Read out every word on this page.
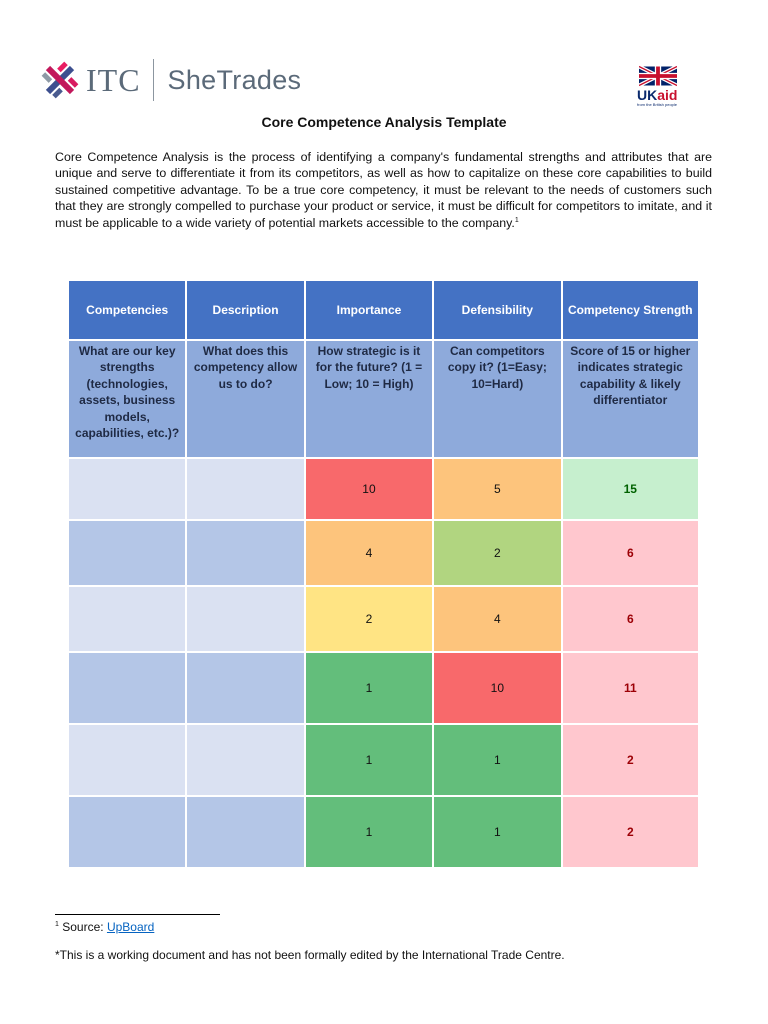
ITC SheTrades
UKaid
from the British people
Core Competence Analysis Template

Core Competence Analysis is the process of identifying a company's fundamental strengths and attributes that are unique and serve to differentiate it from its competitors, as well as how to capitalize on these core capabilities to build sustained competitive advantage. To be a true core competency, it must be relevant to the needs of customers such that they are strongly compelled to purchase your product or service, it must be difficult for competitors to imitate, and it must be applicable to a wide variety of potential markets accessible to the company.$^1$

Competencies	Description	Importance	Defensibility	Competency Strength
What are our key strengths (technologies, assets, business models, capabilities, etc.)?	What does this competency allow us to do?	How strategic is it for the future? (1 = Low; 10 = High)	Can competitors copy it? (1=Easy; 10=Hard)	Score of 15 or higher indicates strategic capability & likely differentiator
		10	5	15
		4	2	6
		2	4	6
		1	10	11
		1	1	2
		1	1	2
$^1$ Source: UpBoard
*This is a working document and has not been formally edited by the International Trade Centre.
